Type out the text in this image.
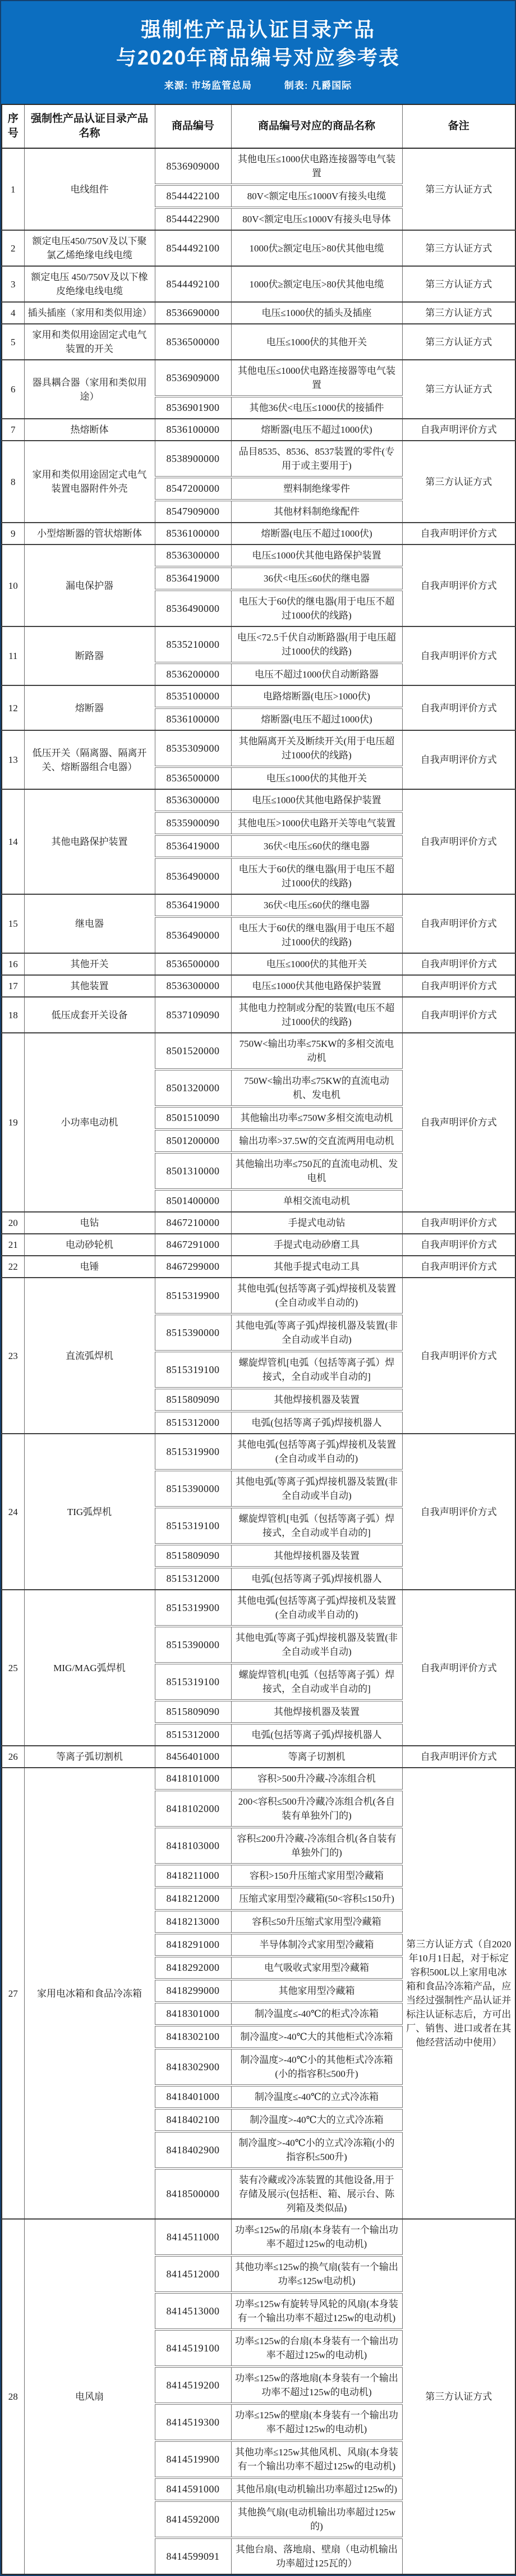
强制性产品认证目录产品
与2020年商品编号对应参考表

来源: 市场监管总局	制表: 凡爵国际

序号	强制性产品认证目录产品名称	商品编号	商品编号对应的商品名称	备注
1	电线组件	8536909000	其他电压≤1000伏电路连接器等电气装置	第三方认证方式
		8544422100	80V<额定电压≤1000V有接头电缆	
		8544422900	80V<额定电压≤1000V有接头电导体	
2	额定电压450/750V及以下聚氯乙烯绝缘电线电缆	8544492100	1000伏≥额定电压>80伏其他电缆	第三方认证方式
3	额定电压 450/750V及以下橡皮绝缘电线电缆	8544492100	1000伏≥额定电压>80伏其他电缆	第三方认证方式
4	插头插座（家用和类似用途）	8536690000	电压≤1000伏的插头及插座	第三方认证方式
5	家用和类似用途固定式电气装置的开关	8536500000	电压≤1000伏的其他开关	第三方认证方式
6	器具耦合器（家用和类似用途）	8536909000	其他电压≤1000伏电路连接器等电气装置	第三方认证方式
		8536901900	其他36伏<电压≤1000伏的接插件	
7	热熔断体	8536100000	熔断器(电压不超过1000伏)	自我声明评价方式
8	家用和类似用途固定式电气装置电器附件外壳	8538900000	品目8535、8536、8537装置的零件(专用于或主要用于)	第三方认证方式
		8547200000	塑料制绝缘零件	
		8547909000	其他材料制绝缘配件	
9	小型熔断器的管状熔断体	8536100000	熔断器(电压不超过1000伏)	自我声明评价方式
10	漏电保护器	8536300000	电压≤1000伏其他电路保护装置	自我声明评价方式
		8536419000	36伏<电压≤60伏的继电器	
		8536490000	电压大于60伏的继电器(用于电压不超过1000伏的线路)	
11	断路器	8535210000	电压<72.5千伏自动断路器(用于电压超过1000伏的线路)	自我声明评价方式
		8536200000	电压不超过1000伏自动断路器	
12	熔断器	8535100000	电路熔断器(电压>1000伏)	自我声明评价方式
		8536100000	熔断器(电压不超过1000伏)	
13	低压开关（隔离器、隔离开关、熔断器组合电器）	8535309000	其他隔离开关及断续开关(用于电压超过1000伏的线路)	自我声明评价方式
		8536500000	电压≤1000伏的其他开关	
14	其他电路保护装置	8536300000	电压≤1000伏其他电路保护装置	自我声明评价方式
		8535900090	其他电压>1000伏电路开关等电气装置	
		8536419000	36伏<电压≤60伏的继电器	
		8536490000	电压大于60伏的继电器(用于电压不超过1000伏的线路)	
15	继电器	8536419000	36伏<电压≤60伏的继电器	自我声明评价方式
		8536490000	电压大于60伏的继电器(用于电压不超过1000伏的线路)	
16	其他开关	8536500000	电压≤1000伏的其他开关	自我声明评价方式
17	其他装置	8536300000	电压≤1000伏其他电路保护装置	自我声明评价方式
18	低压成套开关设备	8537109090	其他电力控制或分配的装置(电压不超过1000伏的线路)	自我声明评价方式
19	小功率电动机	8501520000	750W<输出功率≤75KW的多相交流电动机	自我声明评价方式
		8501320000	750W<输出功率≤75KW的直流电动机、发电机	
		8501510090	其他输出功率≤750W多相交流电动机	
		8501200000	输出功率>37.5W的交直流两用电动机	
		8501310000	其他输出功率≤750瓦的直流电动机、发电机	
		8501400000	单相交流电动机	
20	电钻	8467210000	手提式电动钻	自我声明评价方式
21	电动砂轮机	8467291000	手提式电动砂磨工具	自我声明评价方式
22	电锤	8467299000	其他手提式电动工具	自我声明评价方式
23	直流弧焊机	8515319900	其他电弧(包括等离子弧)焊接机及装置(全自动或半自动的)	自我声明评价方式
		8515390000	其他电弧(等离子弧)焊接机器及装置(非全自动或半自动)	
		8515319100	螺旋焊管机[电弧（包括等离子弧）焊接式，全自动或半自动的]	
		8515809090	其他焊接机器及装置	
		8515312000	电弧(包括等离子弧)焊接机器人	
24	TIG弧焊机	8515319900	其他电弧(包括等离子弧)焊接机及装置(全自动或半自动的)	自我声明评价方式
		8515390000	其他电弧(等离子弧)焊接机器及装置(非全自动或半自动)	
		8515319100	螺旋焊管机[电弧（包括等离子弧）焊接式，全自动或半自动的]	
		8515809090	其他焊接机器及装置	
		8515312000	电弧(包括等离子弧)焊接机器人	
25	MIG/MAG弧焊机	8515319900	其他电弧(包括等离子弧)焊接机及装置(全自动或半自动的)	自我声明评价方式
		8515390000	其他电弧(等离子弧)焊接机器及装置(非全自动或半自动)	
		8515319100	螺旋焊管机[电弧（包括等离子弧）焊接式，全自动或半自动的]	
		8515809090	其他焊接机器及装置	
		8515312000	电弧(包括等离子弧)焊接机器人	
26	等离子弧切割机	8456401000	等离子切割机	自我声明评价方式
27	家用电冰箱和食品冷冻箱	8418101000	容积>500升冷藏-冷冻组合机	第三方认证方式（自2020年10月1日起，对于标定容积500L以上家用电冰箱和食品冷冻箱产品，应当经过强制性产品认证并标注认证标志后，方可出厂、销售、进口或者在其他经营活动中使用）
		8418102000	200<容积≤500升冷藏冷冻组合机(各自装有单独外门的)	
		8418103000	容积≤200升冷藏-冷冻组合机(各自装有单独外门的)	
		8418211000	容积>150升压缩式家用型冷藏箱	
		8418212000	压缩式家用型冷藏箱(50<容积≤150升)	
		8418213000	容积≤50升压缩式家用型冷藏箱	
		8418291000	半导体制冷式家用型冷藏箱	
		8418292000	电气吸收式家用型冷藏箱	
		8418299000	其他家用型冷藏箱	
		8418301000	制冷温度≤-40℃的柜式冷冻箱	
		8418302100	制冷温度>-40℃大的其他柜式冷冻箱	
		8418302900	制冷温度>-40℃小的其他柜式冷冻箱(小的指容积≤500升)	
		8418401000	制冷温度≤-40℃的立式冷冻箱	
		8418402100	制冷温度>-40℃大的立式冷冻箱	
		8418402900	制冷温度>-40℃小的立式冷冻箱(小的指容积≤500升)	
		8418500000	装有冷藏或冷冻装置的其他设备,用于存储及展示(包括柜、箱、展示台、陈列箱及类似品)	
28	电风扇	8414511000	功率≤125w的吊扇(本身装有一个输出功率不超过125w的电动机)	第三方认证方式
		8414512000	其他功率≤125w的换气扇(装有一个输出功率≤125w电动机)	
		8414513000	功率≤125w有旋转导风轮的风扇(本身装有一个输出功率不超过125w的电动机)	
		8414519100	功率≤125w的台扇(本身装有一个输出功率不超过125w的电动机)	
		8414519200	功率≤125w的落地扇(本身装有一个输出功率不超过125w的电动机)	
		8414519300	功率≤125w的壁扇(本身装有一个输出功率不超过125w的电动机)	
		8414519900	其他功率≤125w其他风机、风扇(本身装有一个输出功率不超过125w的电动机)	
		8414591000	其他吊扇(电动机输出功率超过125w的)	
		8414592000	其他换气扇(电动机输出功率超过125w的)	
		8414599091	其他台扇、落地扇、壁扇（电动机输出功率超过125瓦的）	
